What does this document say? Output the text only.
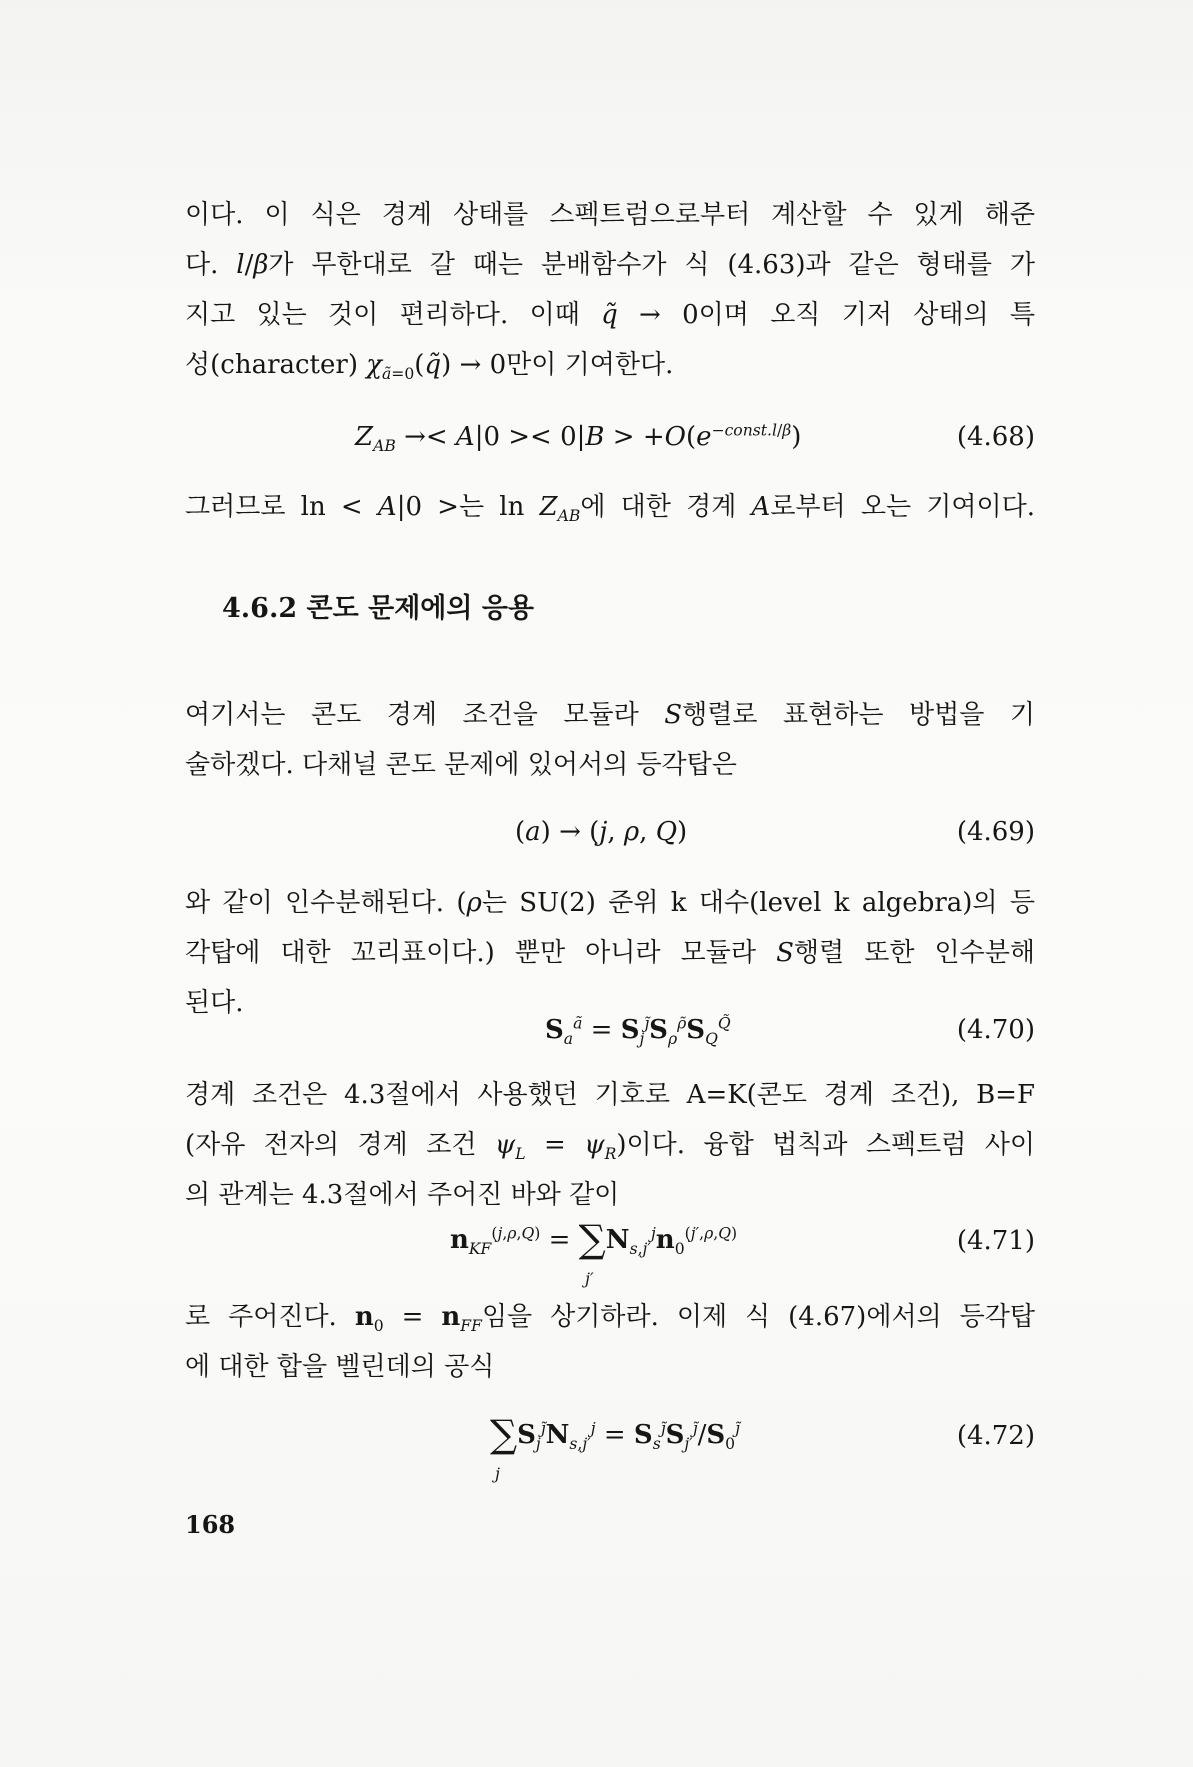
이다. 이 식은 경계 상태를 스펙트럼으로부터 계산할 수 있게 해준
다. l/β가 무한대로 갈 때는 분배함수가 식 (4.63)과 같은 형태를 가
지고 있는 것이 편리하다. 이때 q̃ → 0이며 오직 기저 상태의 특
성(character) $\chi_{ã=0}(q̃) \to 0$만이 기여한다.
$Z_{AB} \to< A|0 >< 0|B > +O(e^{-const.l/\beta})$	(4.68)
그러므로 ln < A|0 >는 $\ln Z_{AB}$에 대한 경계 A로부터 오는 기여이다.
4.6.2 콘도 문제에의 응용
여기서는 콘도 경계 조건을 모듈라 S행렬로 표현하는 방법을 기
술하겠다. 다채널 콘도 문제에 있어서의 등각탑은
(a) → (j, ρ, Q)	(4.69)
와 같이 인수분해된다. (ρ는 SU(2) 준위 k 대수(level k algebra)의 등
각탑에 대한 꼬리표이다.) 뿐만 아니라 모듈라 S행렬 또한 인수분해
된다.
$S_a^ã = S_j^{j̃}S_\rho^{\rhõ}S_Q^{Q̃}$	(4.70)
경계 조건은 4.3절에서 사용했던 기호로 A=K(콘도 경계 조건), B=F
(자유 전자의 경계 조건 $\psi_L = \psi_R$)이다. 융합 법칙과 스펙트럼 사이
의 관계는 4.3절에서 주어진 바와 같이
$n_{KF}^{(j,\rho,Q)} = \sum N_{s,j'}^jn_0^{(j',\rho,Q)}$
j′
(4.71)
로 주어진다. $n_0 = n_{FF}$임을 상기하라. 이제 식 (4.67)에서의 등각탑
에 대한 합을 벨린데의 공식
$\sum S_j^{j̃}N_{s,j'}^j = S_s^{j̃}S_{j'}^{j̃}/S_0^{j̃}$
j
(4.72)
168
